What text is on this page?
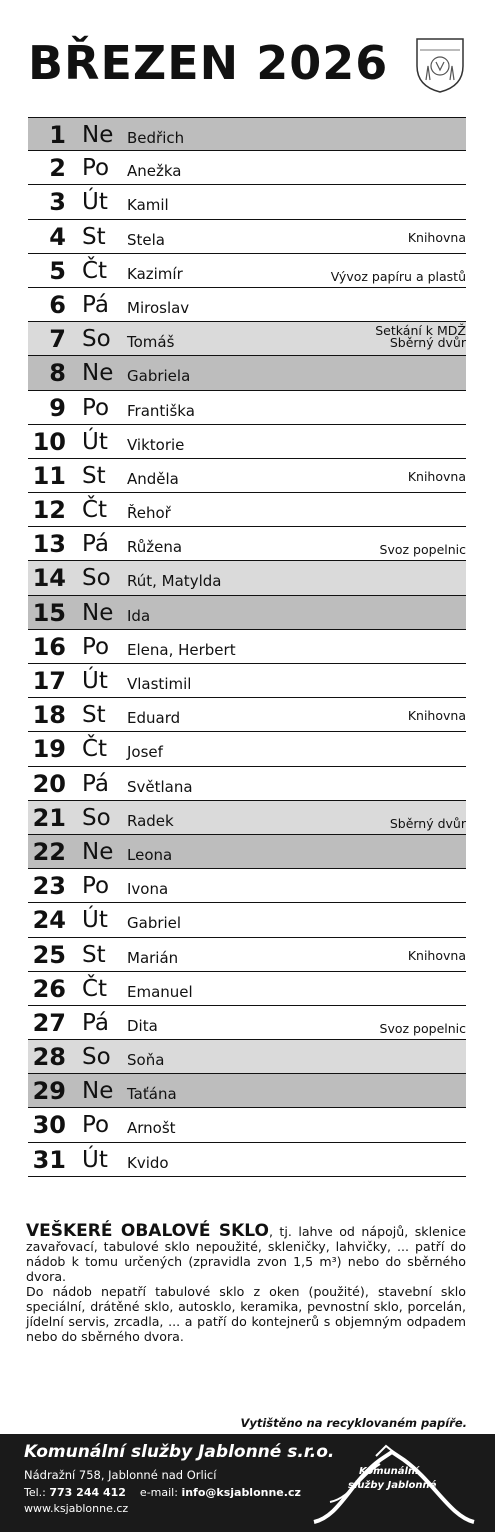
BŘEZEN 2026
1 Ne Bedřich
2 Po Anežka
3 Út Kamil
4 St Stela	Knihovna
5 Čt Kazimír	Vývoz papíru a plastů
6 Pá Miroslav
7 So Tomáš
Setkání k MDŽ
Sběrný dvůr
8 Ne Gabriela
9 Po Františka
10 Út Viktorie
11 St Anděla	Knihovna
12 Čt Řehoř
13 Pá Růžena	Svoz popelnic
14 So Rút, Matylda
15 Ne Ida
16 Po Elena, Herbert
17 Út Vlastimil
18 St Eduard	Knihovna
19 Čt Josef
20 Pá Světlana
21 So Radek	Sběrný dvůr
22 Ne Leona
23 Po Ivona
24 Út Gabriel
25 St Marián	Knihovna
26 Čt Emanuel
27 Pá Dita	Svoz popelnic
28 So Soňa
29 Ne Taťána
30 Po Arnošt
31 Út Kvido

VEŠKERÉ OBALOVÉ SKLO, tj. lahve od nápojů, sklenice zavařovací, tabulové sklo nepoužité, skleničky, lahvičky, ... patří do nádob k tomu určených (zpravidla zvon 1,5 m³) nebo do sběrného dvora.

Do nádob nepatří tabulové sklo z oken (použité), stavební sklo speciální, drátěné sklo, autosklo, keramika, pevnostní sklo, porcelán, jídelní servis, zrcadla, ... a patří do kontejnerů s objemným odpadem nebo do sběrného dvora.

Vytištěno na recyklovaném papíře.
Komunální služby Jablonné s.r.o.
Nádražní 758, Jablonné nad Orlicí
Tel.: 773 244 412 e-mail: info@ksjablonne.cz
www.ksjablonne.cz
Komunální
služby Jablonné
